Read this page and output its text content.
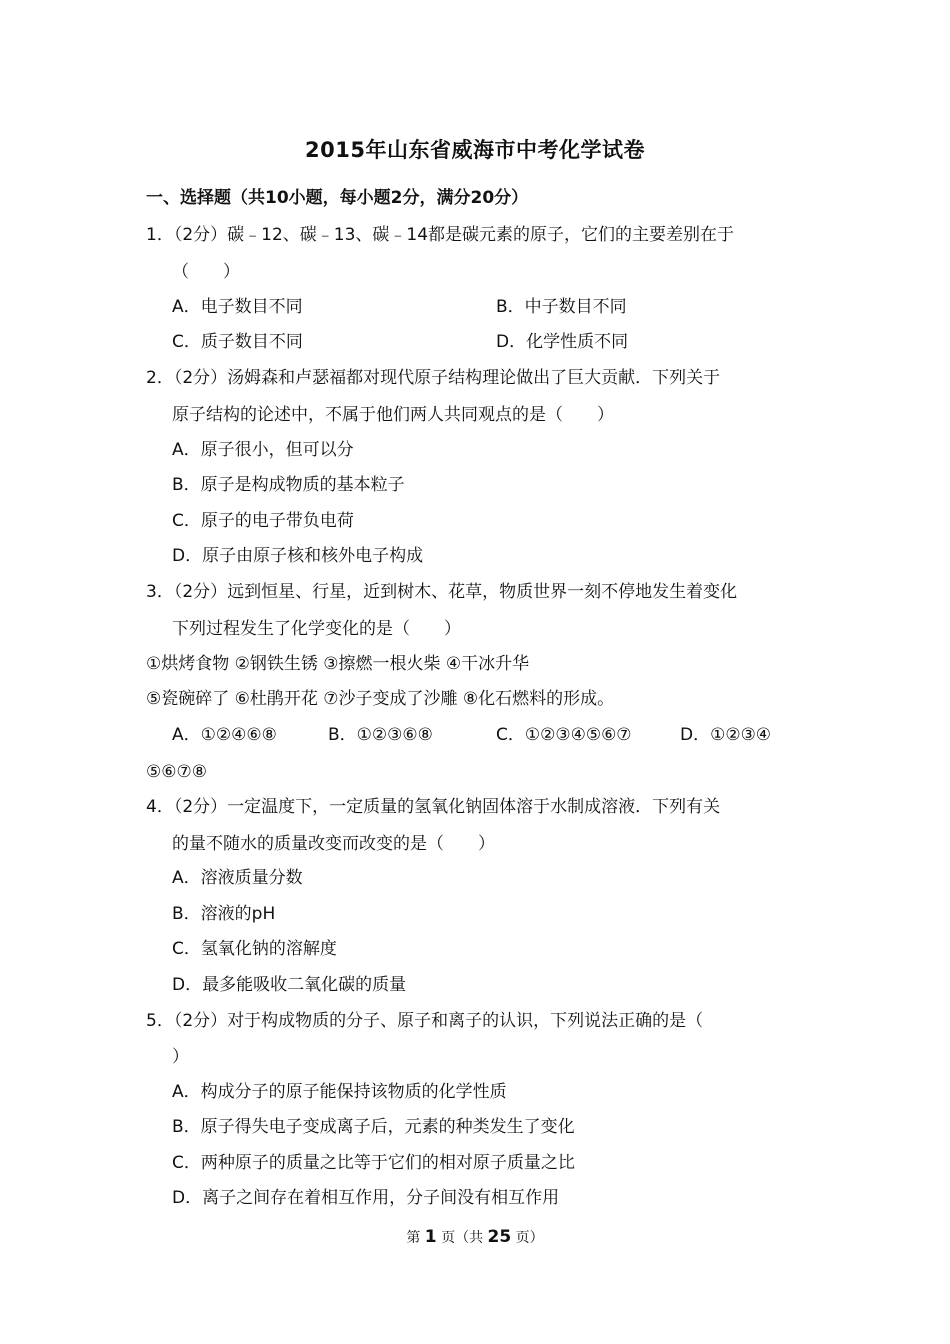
2015年山东省威海市中考化学试卷
一、选择题（共10小题，每小题2分，满分20分）
1．（2分）碳﹣12、碳﹣13、碳﹣14都是碳元素的原子，它们的主要差别在于
（　　）
A．电子数目不同	B．中子数目不同
C．质子数目不同	D．化学性质不同
2．（2分）汤姆森和卢瑟福都对现代原子结构理论做出了巨大贡献．下列关于
原子结构的论述中，不属于他们两人共同观点的是（　　）
A．原子很小，但可以分
B．原子是构成物质的基本粒子
C．原子的电子带负电荷
D．原子由原子核和核外电子构成
3．（2分）远到恒星、行星，近到树木、花草，物质世界一刻不停地发生着变化
下列过程发生了化学变化的是（　　）
①烘烤食物 ②钢铁生锈 ③擦燃一根火柴 ④干冰升华
⑤瓷碗碎了 ⑥杜鹃开花 ⑦沙子变成了沙雕 ⑧化石燃料的形成。
A．①②④⑥⑧	B．①②③⑥⑧	C．①②③④⑤⑥⑦	D．①②③④
⑤⑥⑦⑧
4．（2分）一定温度下，一定质量的氢氧化钠固体溶于水制成溶液．下列有关
的量不随水的质量改变而改变的是（　　）
A．溶液质量分数
B．溶液的pH
C．氢氧化钠的溶解度
D．最多能吸收二氧化碳的质量
5．（2分）对于构成物质的分子、原子和离子的认识，下列说法正确的是（
）
A．构成分子的原子能保持该物质的化学性质
B．原子得失电子变成离子后，元素的种类发生了变化
C．两种原子的质量之比等于它们的相对原子质量之比
D．离子之间存在着相互作用，分子间没有相互作用
第 1 页（共 25 页）
